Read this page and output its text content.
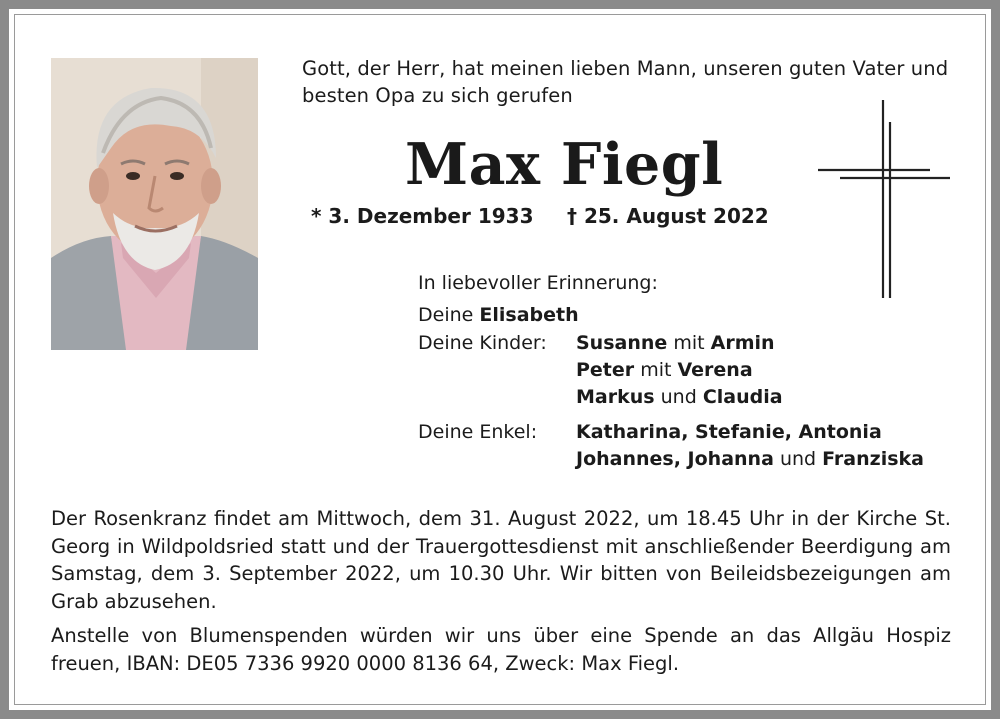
Gott, der Herr, hat meinen lieben Mann, unseren guten Vater und besten Opa zu sich gerufen
Max Fiegl
* 3. Dezember 1933 † 25. August 2022
In liebevoller Erinnerung:
Deine Elisabeth
Deine Kinder: Susanne mit Armin
Peter mit Verena
Markus und Claudia
Deine Enkel: Katharina, Stefanie, Antonia
Johannes, Johanna und Franziska
Der Rosenkranz findet am Mittwoch, dem 31. August 2022, um 18.45 Uhr in der Kirche St. Georg in Wildpoldsried statt und der Trauergottesdienst mit anschließender Beerdigung am Samstag, dem 3. September 2022, um 10.30 Uhr. Wir bitten von Beileidsbezeigungen am Grab abzusehen.
Anstelle von Blumenspenden würden wir uns über eine Spende an das Allgäu Hospiz freuen, IBAN: DE05 7336 9920 0000 8136 64, Zweck: Max Fiegl.
